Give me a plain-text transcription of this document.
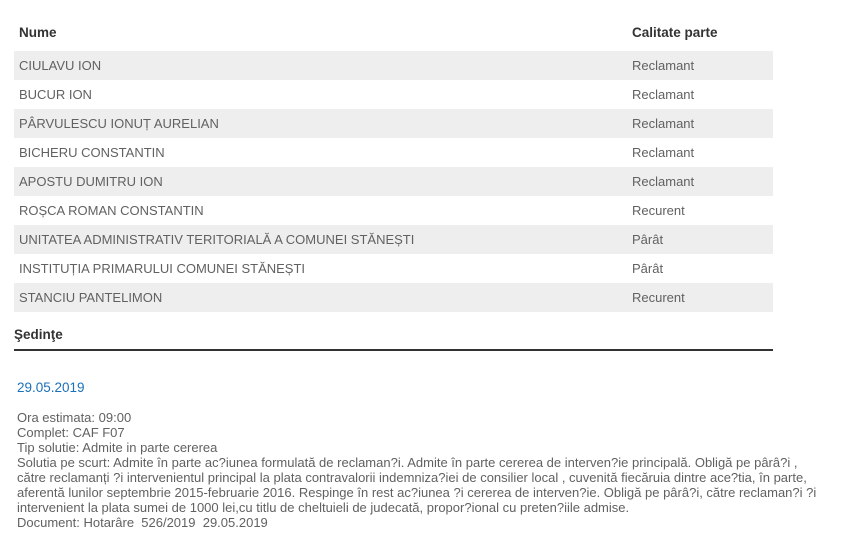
Nume	Calitate parte
CIULAVU ION	Reclamant
BUCUR ION	Reclamant
PÂRVULESCU IONUȚ AURELIAN	Reclamant
BICHERU CONSTANTIN	Reclamant
APOSTU DUMITRU ION	Reclamant
ROȘCA ROMAN CONSTANTIN	Recurent
UNITATEA ADMINISTRATIV TERITORIALĂ A COMUNEI STĂNEȘTI	Pârât
INSTITUȚIA PRIMARULUI COMUNEI STĂNEȘTI	Pârât
STANCIU PANTELIMON	Recurent
Şedinţe
29.05.2019
Ora estimata: 09:00
Complet: CAF F07
Tip solutie: Admite in parte cererea
Solutia pe scurt: Admite în parte ac?iunea formulată de reclaman?i. Admite în parte cererea de interven?ie principală. Obligă pe pârâ?i , către reclamanți ?i intervenientul principal la plata contravalorii indemniza?iei de consilier local , cuvenită fiecăruia dintre ace?tia, în parte, aferentă lunilor septembrie 2015-februarie 2016. Respinge în rest ac?iunea ?i cererea de interven?ie. Obligă pe pârâ?i, către reclaman?i ?i intervenient la plata sumei de 1000 lei,cu titlu de cheltuieli de judecată, propor?ional cu preten?iile admise.
Document: Hotarâre  526/2019  29.05.2019
